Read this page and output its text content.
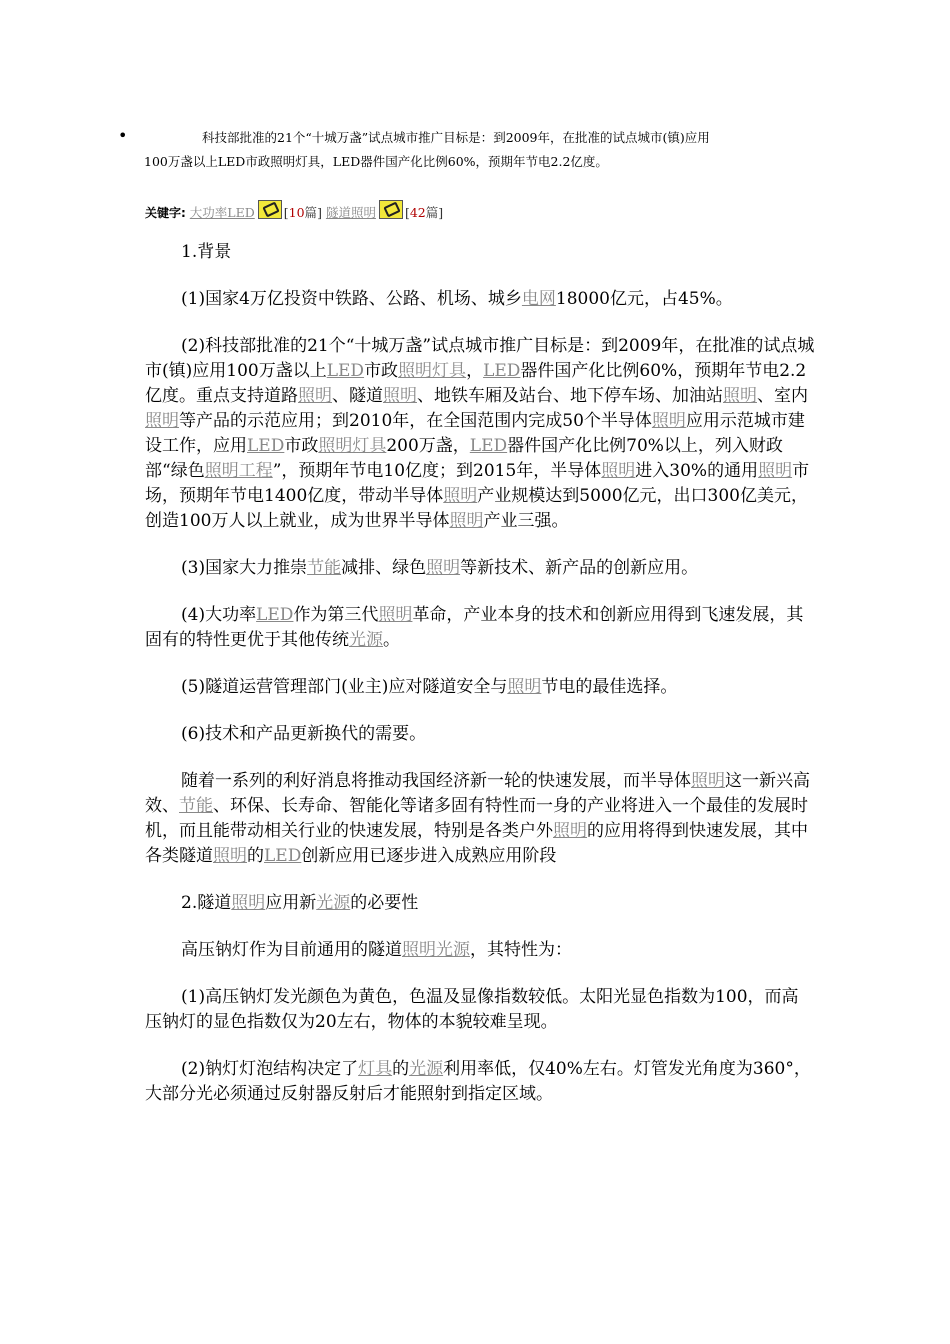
•	科技部批准的21个“十城万盏”试点城市推广目标是：到2009年，在批准的试点城市(镇)应用
100万盏以上LED市政照明灯具，LED器件国产化比例60%，预期年节电2.2亿度。
关键字: 大功率LED [10篇] 隧道照明 [42篇]

1.背景

(1)国家4万亿投资中铁路、公路、机场、城乡电网18000亿元，占45%。

(2)科技部批准的21个“十城万盏”试点城市推广目标是：到2009年，在批准的试点城市(镇)应用100万盏以上LED市政照明灯具，LED器件国产化比例60%，预期年节电2.2亿度。重点支持道路照明、隧道照明、地铁车厢及站台、地下停车场、加油站照明、室内照明等产品的示范应用；到2010年，在全国范围内完成50个半导体照明应用示范城市建设工作，应用LED市政照明灯具200万盏，LED器件国产化比例70%以上，列入财政部“绿色照明工程”，预期年节电10亿度；到2015年，半导体照明进入30%的通用照明市场，预期年节电1400亿度，带动半导体照明产业规模达到5000亿元，出口300亿美元，创造100万人以上就业，成为世界半导体照明产业三强。

(3)国家大力推崇节能减排、绿色照明等新技术、新产品的创新应用。

(4)大功率LED作为第三代照明革命，产业本身的技术和创新应用得到飞速发展，其固有的特性更优于其他传统光源。

(5)隧道运营管理部门(业主)应对隧道安全与照明节电的最佳选择。

(6)技术和产品更新换代的需要。

随着一系列的利好消息将推动我国经济新一轮的快速发展，而半导体照明这一新兴高效、节能、环保、长寿命、智能化等诸多固有特性而一身的产业将进入一个最佳的发展时机，而且能带动相关行业的快速发展，特别是各类户外照明的应用将得到快速发展，其中各类隧道照明的LED创新应用已逐步进入成熟应用阶段

2.隧道照明应用新光源的必要性

高压钠灯作为目前通用的隧道照明光源，其特性为：

(1)高压钠灯发光颜色为黄色，色温及显像指数较低。太阳光显色指数为100，而高压钠灯的显色指数仅为20左右，物体的本貌较难呈现。

(2)钠灯灯泡结构决定了灯具的光源利用率低，仅40%左右。灯管发光角度为360°，大部分光必须通过反射器反射后才能照射到指定区域。
